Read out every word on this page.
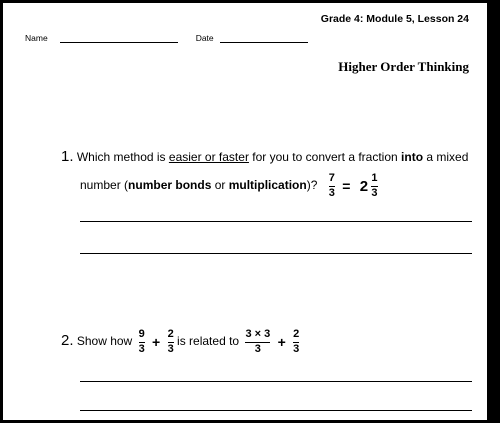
Grade 4: Module 5, Lesson 24
Name	Date
Higher Order Thinking
1. Which method is easier or faster for you to convert a fraction into a mixed
number (number bonds or multiplication)? $\frac{7}{3} = 2 \frac{1}{3}$
2. Show how $\frac{9}{3} + \frac{2}{3}$ is related to $\frac{3 \times 3}{3} + \frac{2}{3}$
